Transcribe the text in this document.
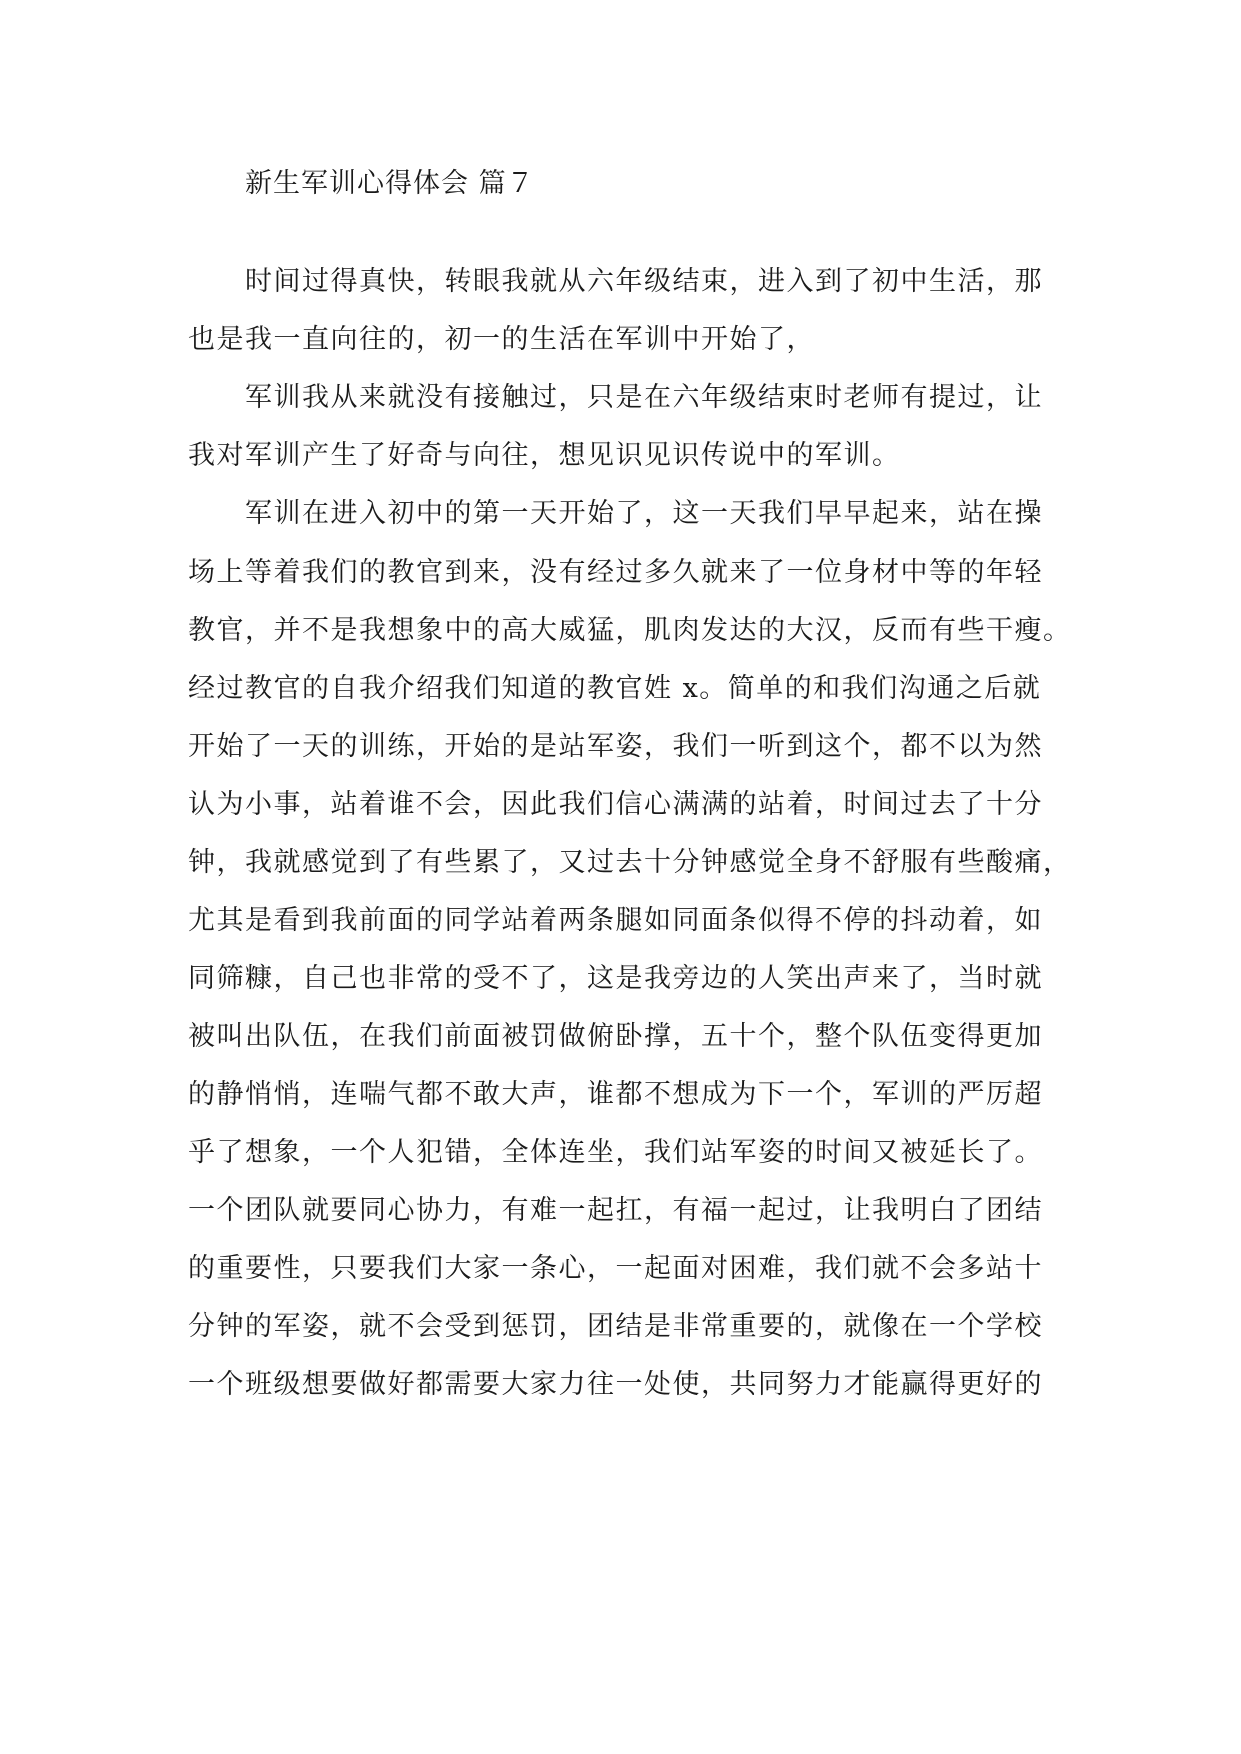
新生军训心得体会 篇７
时间过得真快，转眼我就从六年级结束，进入到了初中生活，那
也是我一直向往的，初一的生活在军训中开始了，
军训我从来就没有接触过，只是在六年级结束时老师有提过，让
我对军训产生了好奇与向往，想见识见识传说中的军训。
军训在进入初中的第一天开始了，这一天我们早早起来，站在操
场上等着我们的教官到来，没有经过多久就来了一位身材中等的年轻
教官，并不是我想象中的高大威猛，肌肉发达的大汉，反而有些干瘦。
经过教官的自我介绍我们知道的教官姓 x。简单的和我们沟通之后就
开始了一天的训练，开始的是站军姿，我们一听到这个，都不以为然
认为小事，站着谁不会，因此我们信心满满的站着，时间过去了十分
钟，我就感觉到了有些累了，又过去十分钟感觉全身不舒服有些酸痛，
尤其是看到我前面的同学站着两条腿如同面条似得不停的抖动着，如
同筛糠，自己也非常的受不了，这是我旁边的人笑出声来了，当时就
被叫出队伍，在我们前面被罚做俯卧撑，五十个，整个队伍变得更加
的静悄悄，连喘气都不敢大声，谁都不想成为下一个，军训的严厉超
乎了想象，一个人犯错，全体连坐，我们站军姿的时间又被延长了。
一个团队就要同心协力，有难一起扛，有福一起过，让我明白了团结
的重要性，只要我们大家一条心，一起面对困难，我们就不会多站十
分钟的军姿，就不会受到惩罚，团结是非常重要的，就像在一个学校
一个班级想要做好都需要大家力往一处使，共同努力才能赢得更好的
